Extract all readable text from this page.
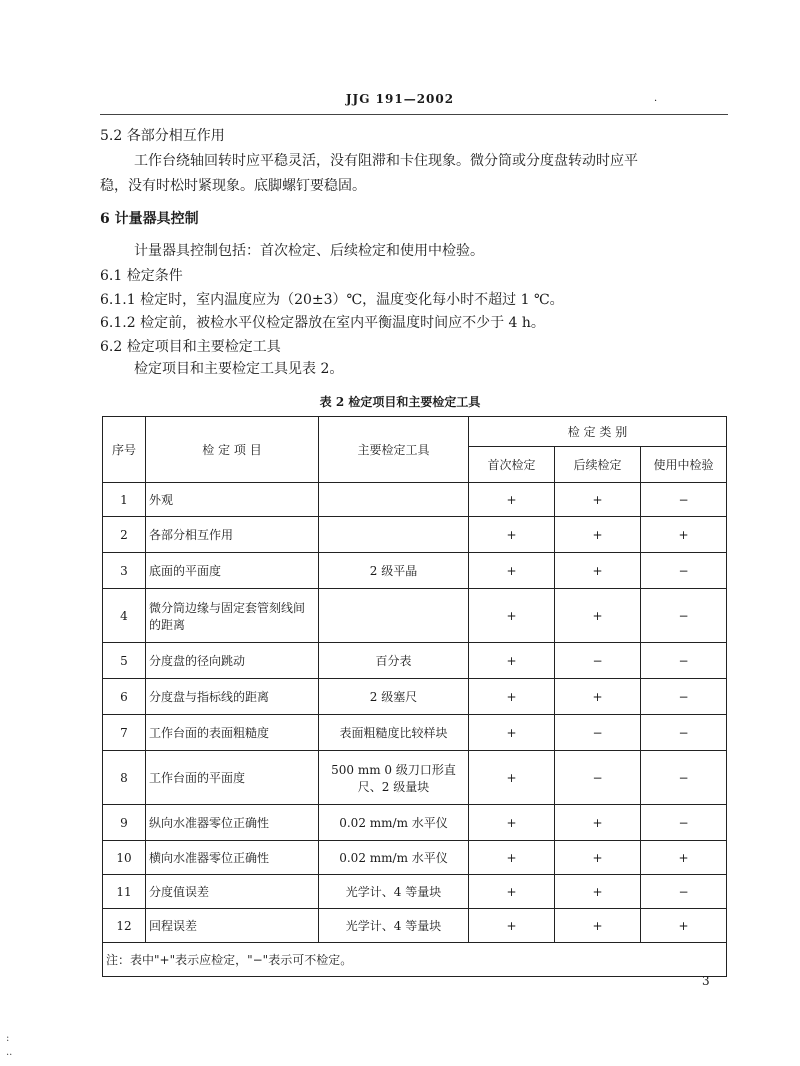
JJG 191—2002	·
5.2 各部分相互作用
工作台绕轴回转时应平稳灵活，没有阻滞和卡住现象。微分筒或分度盘转动时应平
稳，没有时松时紧现象。底脚螺钉要稳固。
6 计量器具控制
计量器具控制包括：首次检定、后续检定和使用中检验。
6.1 检定条件
6.1.1 检定时，室内温度应为（20±3）℃，温度变化每小时不超过 1 ℃。
6.1.2 检定前，被检水平仪检定器放在室内平衡温度时间应不少于 4 h。
6.2 检定项目和主要检定工具
检定项目和主要检定工具见表 2。
表 2 检定项目和主要检定工具
序号	检 定 项 目	主要检定工具	检 定 类 别		
			首次检定	后续检定	使用中检验
1	外观		+	+	−
2	各部分相互作用		+	+	+
3	底面的平面度	2 级平晶	+	+	−
4	微分筒边缘与固定套管刻线间的距离		+	+	−
5	分度盘的径向跳动	百分表	+	−	−
6	分度盘与指标线的距离	2 级塞尺	+	+	−
7	工作台面的表面粗糙度	表面粗糙度比较样块	+	−	−
8	工作台面的平面度	500 mm 0 级刀口形直尺、2 级量块	+	−	−
9	纵向水准器零位正确性	0.02 mm/m 水平仪	+	+	−
10	横向水准器零位正确性	0.02 mm/m 水平仪	+	+	+
11	分度值误差	光学计、4 等量块	+	+	−
12	回程误差	光学计、4 等量块	+	+	+
注：表中"+"表示应检定，"−"表示可不检定。					
3
:
..
